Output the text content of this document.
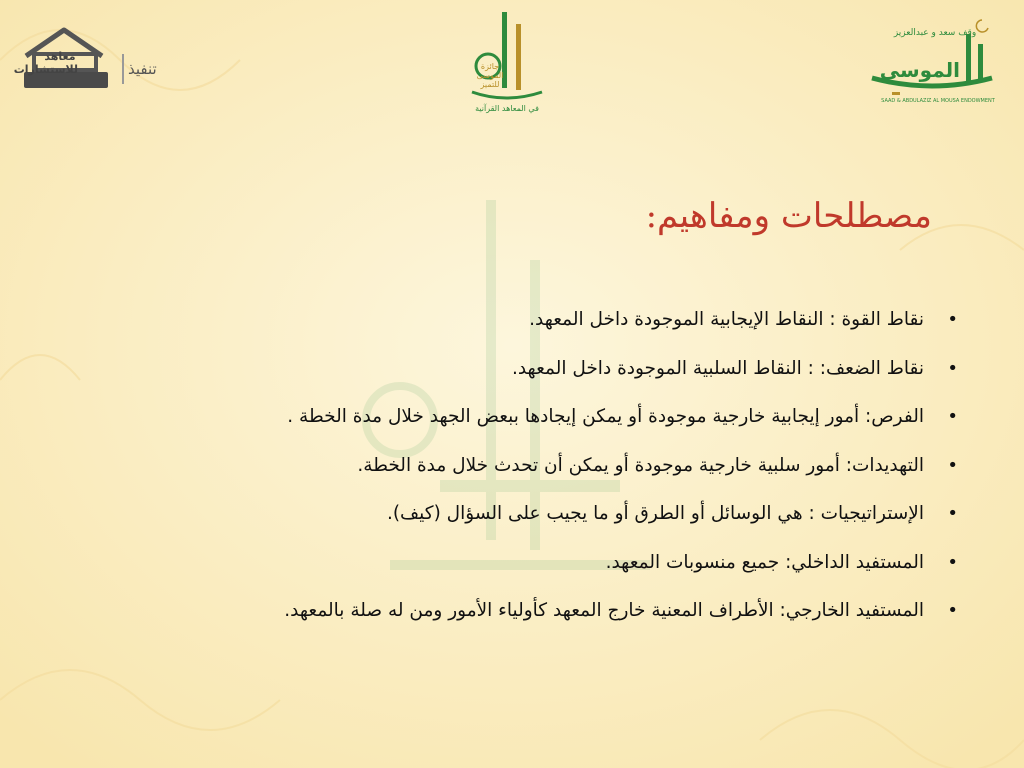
معاهد للاستشارات	تنفيذ	جائزة الموسى للتميز
في المعاهد القرآنية
الموسى
وقف سعد و عبدالعزيز
SAAD & ABDULAZIZ AL MOUSA ENDOWMENT
مصطلحات ومفاهيم:
•
نقاط القوة : النقاط الإيجابية الموجودة داخل المعهد.
•
نقاط الضعف: : النقاط السلبية الموجودة داخل المعهد.
•
الفرص: أمور إيجابية خارجية موجودة أو يمكن إيجادها ببعض الجهد خلال مدة الخطة .
•
التهديدات: أمور سلبية خارجية موجودة أو يمكن أن تحدث خلال مدة الخطة.
•
الإستراتيجيات : هي الوسائل أو الطرق أو ما يجيب على السؤال (كيف).
•
المستفيد الداخلي: جميع منسوبات المعهد.
•
المستفيد الخارجي: الأطراف المعنية خارج المعهد كأولياء الأمور ومن له صلة بالمعهد.
